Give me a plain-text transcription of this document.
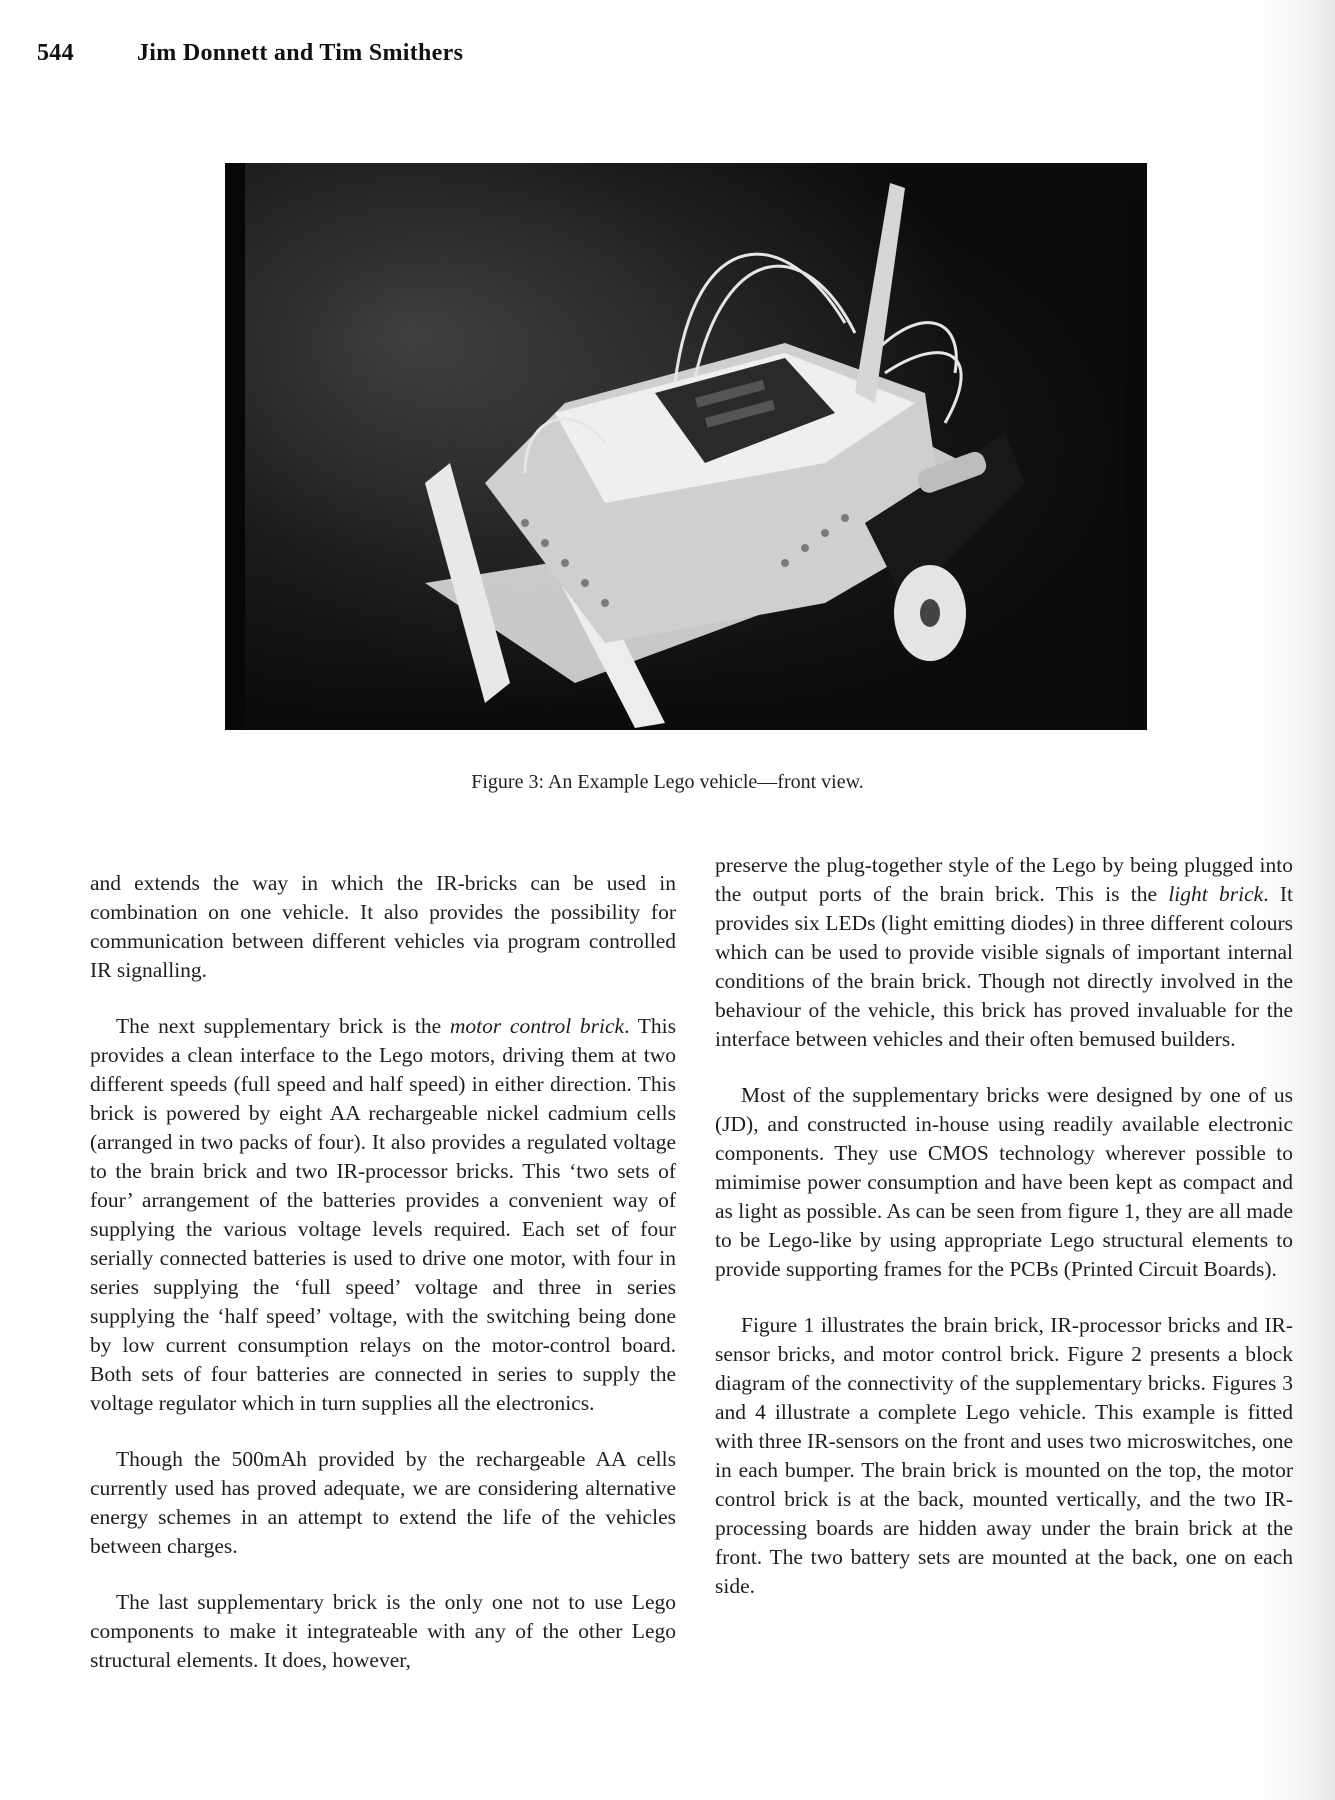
544	Jim Donnett and Tim Smithers
Figure 3: An Example Lego vehicle—front view.

and extends the way in which the IR-bricks can be used in combination on one vehicle. It also provides the possibility for communication between different vehicles via program controlled IR signalling.

The next supplementary brick is the motor control brick. This provides a clean interface to the Lego motors, driving them at two different speeds (full speed and half speed) in either direction. This brick is powered by eight AA rechargeable nickel cadmium cells (arranged in two packs of four). It also provides a regulated voltage to the brain brick and two IR-processor bricks. This ‘two sets of four’ arrangement of the batteries provides a convenient way of supplying the various voltage levels required. Each set of four serially connected batteries is used to drive one motor, with four in series supplying the ‘full speed’ voltage and three in series supplying the ‘half speed’ voltage, with the switching being done by low current consumption relays on the motor-control board. Both sets of four batteries are connected in series to supply the voltage regulator which in turn supplies all the electronics.

Though the 500mAh provided by the rechargeable AA cells currently used has proved adequate, we are considering alternative energy schemes in an attempt to extend the life of the vehicles between charges.

The last supplementary brick is the only one not to use Lego components to make it integrateable with any of the other Lego structural elements. It does, however,

preserve the plug-together style of the Lego by being plugged into the output ports of the brain brick. This is the light brick. It provides six LEDs (light emitting diodes) in three different colours which can be used to provide visible signals of important internal conditions of the brain brick. Though not directly involved in the behaviour of the vehicle, this brick has proved invaluable for the interface between vehicles and their often bemused builders.

Most of the supplementary bricks were designed by one of us (JD), and constructed in-house using readily available electronic components. They use CMOS technology wherever possible to mimimise power consumption and have been kept as compact and as light as possible. As can be seen from figure 1, they are all made to be Lego-like by using appropriate Lego structural elements to provide supporting frames for the PCBs (Printed Circuit Boards).

Figure 1 illustrates the brain brick, IR-processor bricks and IR-sensor bricks, and motor control brick. Figure 2 presents a block diagram of the connectivity of the supplementary bricks. Figures 3 and 4 illustrate a complete Lego vehicle. This example is fitted with three IR-sensors on the front and uses two microswitches, one in each bumper. The brain brick is mounted on the top, the motor control brick is at the back, mounted vertically, and the two IR-processing boards are hidden away under the brain brick at the front. The two battery sets are mounted at the back, one on each side.
